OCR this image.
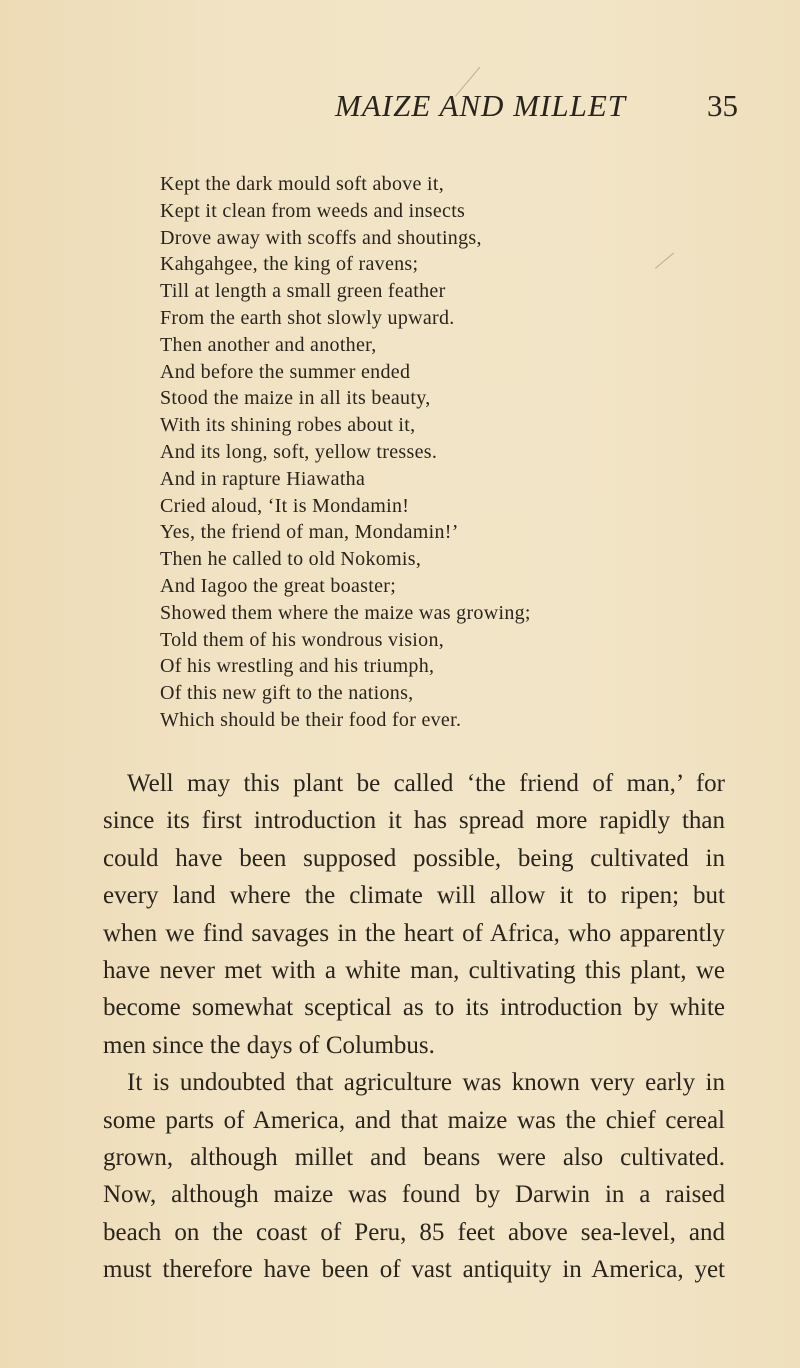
MAIZE AND MILLET	35
Kept the dark mould soft above it,
Kept it clean from weeds and insects
Drove away with scoffs and shoutings,
Kahgahgee, the king of ravens;
Till at length a small green feather
From the earth shot slowly upward.
Then another and another,
And before the summer ended
Stood the maize in all its beauty,
With its shining robes about it,
And its long, soft, yellow tresses.
And in rapture Hiawatha
Cried aloud, ‘It is Mondamin!
Yes, the friend of man, Mondamin!’
Then he called to old Nokomis,
And Iagoo the great boaster;
Showed them where the maize was growing;
Told them of his wondrous vision,
Of his wrestling and his triumph,
Of this new gift to the nations,
Which should be their food for ever.
Well may this plant be called ‘the friend of man,’ for
since its first introduction it has spread more rapidly than
could have been supposed possible, being cultivated in
every land where the climate will allow it to ripen; but
when we find savages in the heart of Africa, who apparently
have never met with a white man, cultivating this plant, we
become somewhat sceptical as to its introduction by white
men since the days of Columbus.
It is undoubted that agriculture was known very early in
some parts of America, and that maize was the chief cereal
grown, although millet and beans were also cultivated.
Now, although maize was found by Darwin in a raised
beach on the coast of Peru, 85 feet above sea-level, and
must therefore have been of vast antiquity in America, yet
